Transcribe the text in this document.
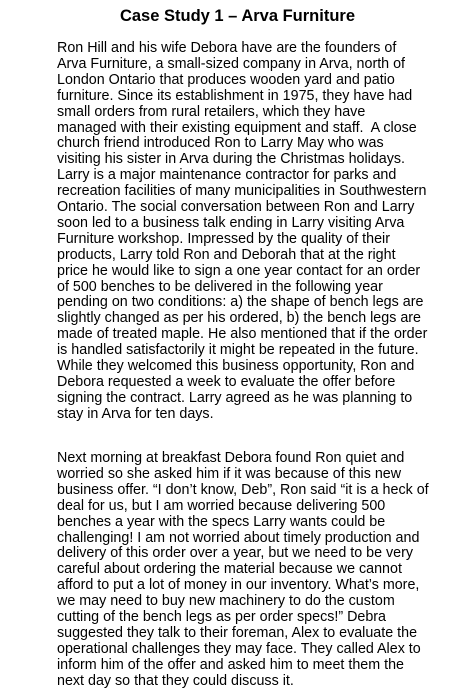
Case Study 1 – Arva Furniture
Ron Hill and his wife Debora have are the founders of
Arva Furniture, a small-sized company in Arva, north of
London Ontario that produces wooden yard and patio
furniture. Since its establishment in 1975, they have had
small orders from rural retailers, which they have
managed with their existing equipment and staff.  A close
church friend introduced Ron to Larry May who was
visiting his sister in Arva during the Christmas holidays.
Larry is a major maintenance contractor for parks and
recreation facilities of many municipalities in Southwestern
Ontario. The social conversation between Ron and Larry
soon led to a business talk ending in Larry visiting Arva
Furniture workshop. Impressed by the quality of their
products, Larry told Ron and Deborah that at the right
price he would like to sign a one year contact for an order
of 500 benches to be delivered in the following year
pending on two conditions: a) the shape of bench legs are
slightly changed as per his ordered, b) the bench legs are
made of treated maple. He also mentioned that if the order
is handled satisfactorily it might be repeated in the future.
While they welcomed this business opportunity, Ron and
Debora requested a week to evaluate the offer before
signing the contract. Larry agreed as he was planning to
stay in Arva for ten days.
Next morning at breakfast Debora found Ron quiet and
worried so she asked him if it was because of this new
business offer. “I don’t know, Deb”, Ron said “it is a heck of
deal for us, but I am worried because delivering 500
benches a year with the specs Larry wants could be
challenging! I am not worried about timely production and
delivery of this order over a year, but we need to be very
careful about ordering the material because we cannot
afford to put a lot of money in our inventory. What’s more,
we may need to buy new machinery to do the custom
cutting of the bench legs as per order specs!” Debra
suggested they talk to their foreman, Alex to evaluate the
operational challenges they may face. They called Alex to
inform him of the offer and asked him to meet them the
next day so that they could discuss it.
